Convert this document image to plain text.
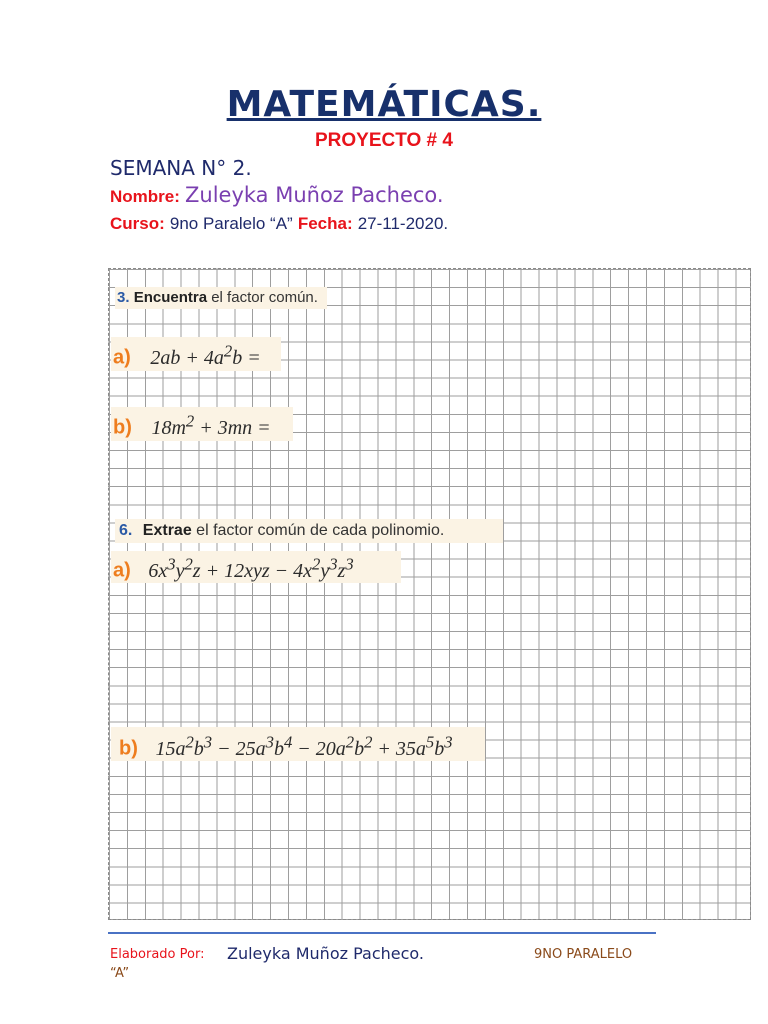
MATEMÁTICAS.
PROYECTO # 4
SEMANA N° 2.
Nombre: Zuleyka Muñoz Pacheco.
Curso: 9no Paralelo “A” Fecha: 27-11-2020.
3. Encuentra el factor común.
a) $2ab + 4a^2b$ =
b) $18m^2 + 3mn$ =
6. Extrae el factor común de cada polinomio.
a) $6x^3y^2z + 12xyz - 4x^2y^3z^3$
b) $15a^2b^3 - 25a^3b^4 - 20a^2b^2 + 35a^5b^3$
Elaborado Por: Zuleyka Muñoz Pacheco.	9NO PARALELO
“A”
